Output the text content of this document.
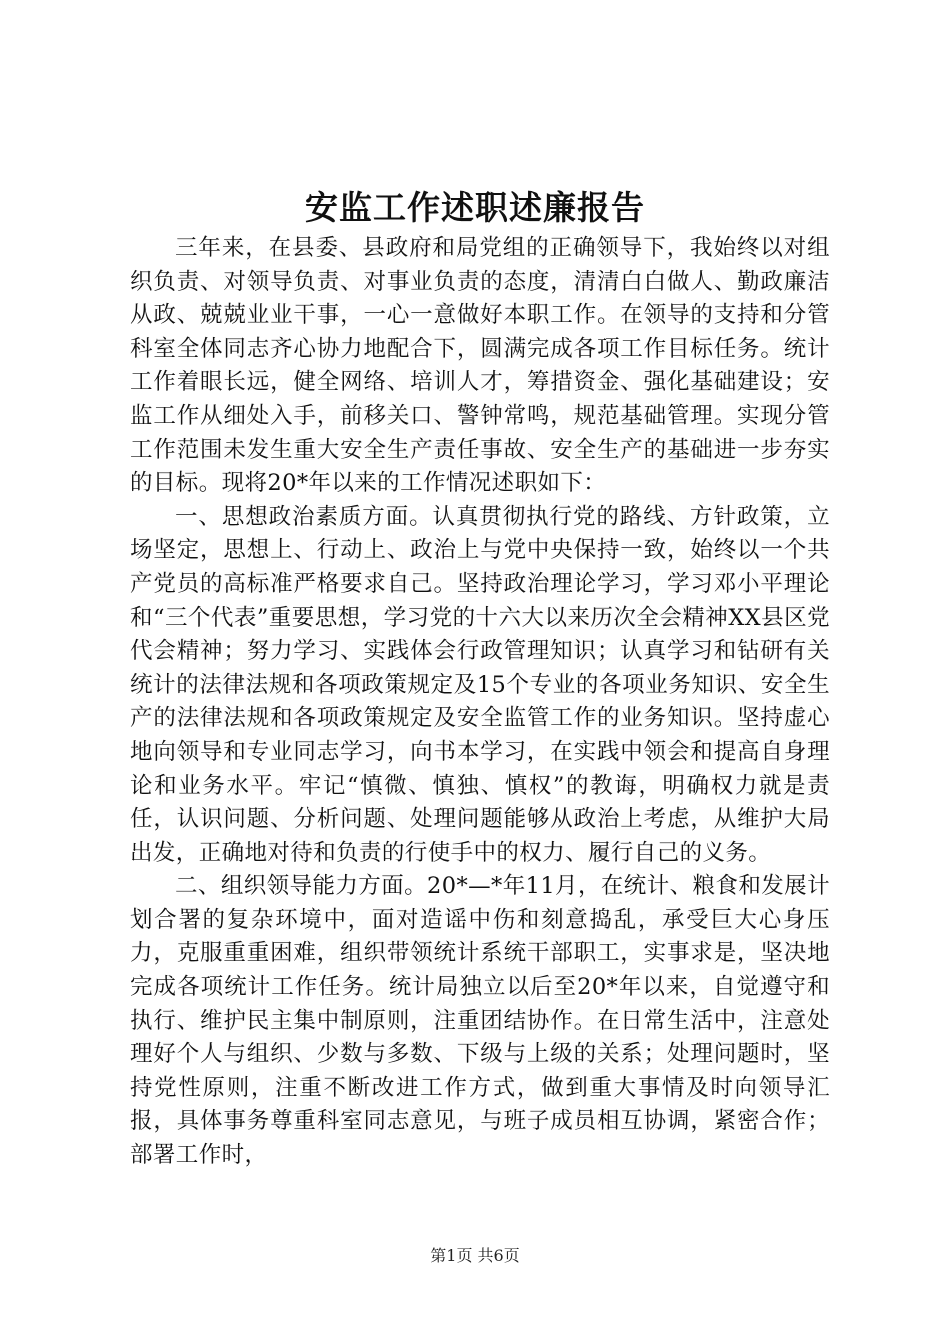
安监工作述职述廉报告

三年来，在县委、县政府和局党组的正确领导下，我始终以对组织负责、对领导负责、对事业负责的态度，清清白白做人、勤政廉洁从政、兢兢业业干事，一心一意做好本职工作。在领导的支持和分管科室全体同志齐心协力地配合下，圆满完成各项工作目标任务。统计工作着眼长远，健全网络、培训人才，筹措资金、强化基础建设；安监工作从细处入手，前移关口、警钟常鸣，规范基础管理。实现分管工作范围未发生重大安全生产责任事故、安全生产的基础进一步夯实的目标。现将20*年以来的工作情况述职如下：

一、思想政治素质方面。认真贯彻执行党的路线、方针政策，立场坚定，思想上、行动上、政治上与党中央保持一致，始终以一个共产党员的高标准严格要求自己。坚持政治理论学习，学习邓小平理论和“三个代表”重要思想，学习党的十六大以来历次全会精神XX县区党代会精神；努力学习、实践体会行政管理知识；认真学习和钻研有关统计的法律法规和各项政策规定及15个专业的各项业务知识、安全生产的法律法规和各项政策规定及安全监管工作的业务知识。坚持虚心地向领导和专业同志学习，向书本学习，在实践中领会和提高自身理论和业务水平。牢记“慎微、慎独、慎权”的教诲，明确权力就是责任，认识问题、分析问题、处理问题能够从政治上考虑，从维护大局出发，正确地对待和负责的行使手中的权力、履行自己的义务。

二、组织领导能力方面。20*—*年11月，在统计、粮食和发展计划合署的复杂环境中，面对造谣中伤和刻意捣乱，承受巨大心身压力，克服重重困难，组织带领统计系统干部职工，实事求是，坚决地完成各项统计工作任务。统计局独立以后至20*年以来，自觉遵守和执行、维护民主集中制原则，注重团结协作。在日常生活中，注意处理好个人与组织、少数与多数、下级与上级的关系；处理问题时，坚持党性原则，注重不断改进工作方式，做到重大事情及时向领导汇报，具体事务尊重科室同志意见，与班子成员相互协调，紧密合作；部署工作时，

第1页 共6页
